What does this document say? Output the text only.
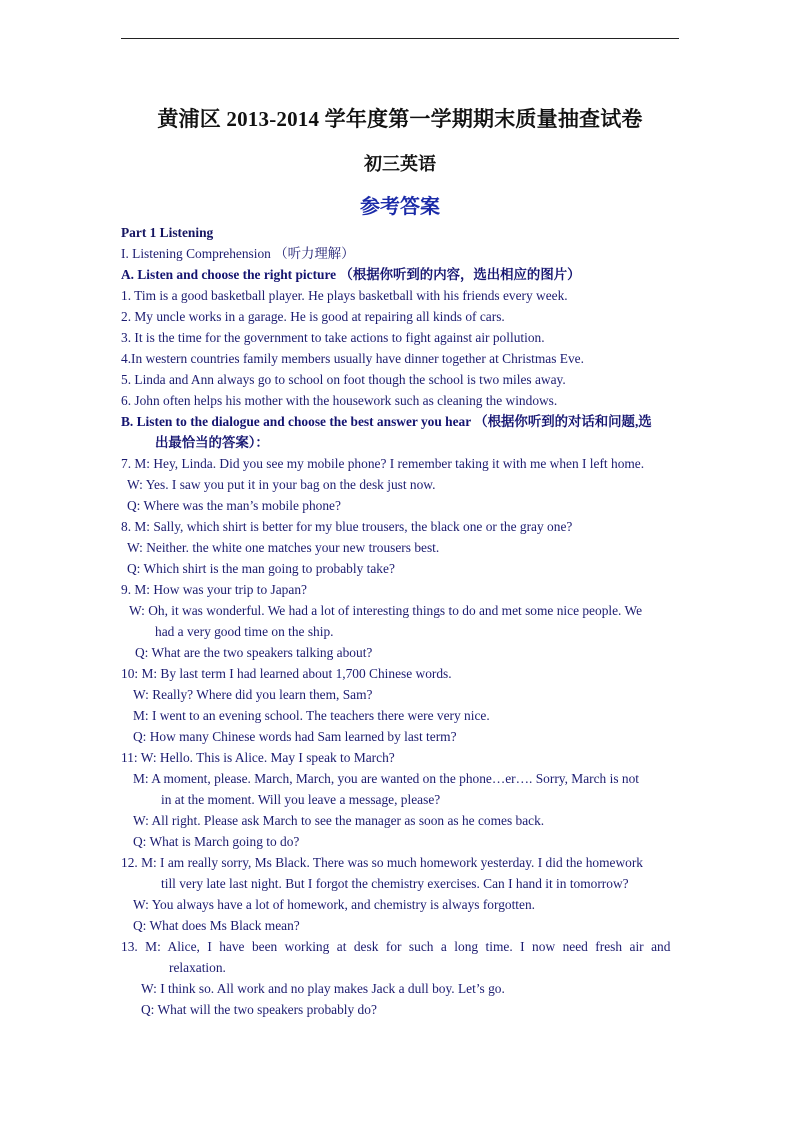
黄浦区 2013-2014 学年度第一学期期末质量抽查试卷
初三英语
参考答案
Part 1 Listening
I. Listening Comprehension （听力理解）
A. Listen and choose the right picture （根据你听到的内容，选出相应的图片）
1. Tim is a good basketball player. He plays basketball with his friends every week.
2. My uncle works in a garage. He is good at repairing all kinds of cars.
3. It is the time for the government to take actions to fight against air pollution.
4.In western countries family members usually have dinner together at Christmas Eve.
5. Linda and Ann always go to school on foot though the school is two miles away.
6. John often helps his mother with the housework such as cleaning the windows.
B. Listen to the dialogue and choose the best answer you hear （根据你听到的对话和问题,选
出最恰当的答案）：
7. M: Hey, Linda. Did you see my mobile phone? I remember taking it with me when I left home.
W: Yes. I saw you put it in your bag on the desk just now.
Q: Where was the man’s mobile phone?
8. M: Sally, which shirt is better for my blue trousers, the black one or the gray one?
W: Neither. the white one matches your new trousers best.
Q: Which shirt is the man going to probably take?
9. M: How was your trip to Japan?
W: Oh, it was wonderful. We had a lot of interesting things to do and met some nice people. We
had a very good time on the ship.
Q: What are the two speakers talking about?
10: M: By last term I had learned about 1,700 Chinese words.
W: Really? Where did you learn them, Sam?
M: I went to an evening school. The teachers there were very nice.
Q: How many Chinese words had Sam learned by last term?
11: W: Hello. This is Alice. May I speak to March?
M: A moment, please. March, March, you are wanted on the phone…er…. Sorry, March is not
in at the moment. Will you leave a message, please?
W: All right. Please ask March to see the manager as soon as he comes back.
Q: What is March going to do?
12. M: I am really sorry, Ms Black. There was so much homework yesterday. I did the homework
till very late last night. But I forgot the chemistry exercises. Can I hand it in tomorrow?
W: You always have a lot of homework, and chemistry is always forgotten.
Q: What does Ms Black mean?
13. M: Alice, I have been working at desk for such a long time. I now need fresh air and
relaxation.
W: I think so. All work and no play makes Jack a dull boy. Let’s go.
Q: What will the two speakers probably do?
